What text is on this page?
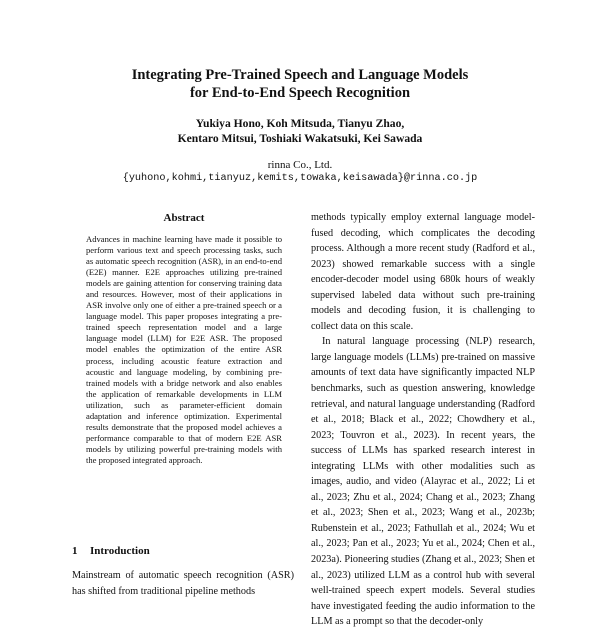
Integrating Pre-Trained Speech and Language Models
for End-to-End Speech Recognition
Yukiya Hono, Koh Mitsuda, Tianyu Zhao,
Kentaro Mitsui, Toshiaki Wakatsuki, Kei Sawada
rinna Co., Ltd.
{yuhono,kohmi,tianyuz,kemits,towaka,keisawada}@rinna.co.jp
Abstract
Advances in machine learning have made it possible to perform various text and speech processing tasks, such as automatic speech recognition (ASR), in an end-to-end (E2E) manner. E2E approaches utilizing pre-trained models are gaining attention for conserving training data and resources. However, most of their applications in ASR involve only one of either a pre-trained speech or a language model. This paper proposes integrating a pre-trained speech representation model and a large language model (LLM) for E2E ASR. The proposed model enables the optimization of the entire ASR process, including acoustic feature extraction and acoustic and language modeling, by combining pre-trained models with a bridge network and also enables the application of remarkable developments in LLM utilization, such as parameter-efficient domain adaptation and inference optimization. Experimental results demonstrate that the proposed model achieves a performance comparable to that of modern E2E ASR models by utilizing powerful pre-training models with the proposed integrated approach.
1 Introduction
Mainstream of automatic speech recognition (ASR) has shifted from traditional pipeline methods

methods typically employ external language model-fused decoding, which complicates the decoding process. Although a more recent study (Radford et al., 2023) showed remarkable success with a single encoder-decoder model using 680k hours of weakly supervised labeled data without such pre-training models and decoding fusion, it is challenging to collect data on this scale.

In natural language processing (NLP) research, large language models (LLMs) pre-trained on massive amounts of text data have significantly impacted NLP benchmarks, such as question answering, knowledge retrieval, and natural language understanding (Radford et al., 2018; Black et al., 2022; Chowdhery et al., 2023; Touvron et al., 2023). In recent years, the success of LLMs has sparked research interest in integrating LLMs with other modalities such as images, audio, and video (Alayrac et al., 2022; Li et al., 2023; Zhu et al., 2024; Chang et al., 2023; Zhang et al., 2023; Shen et al., 2023; Wang et al., 2023b; Rubenstein et al., 2023; Fathullah et al., 2024; Wu et al., 2023; Pan et al., 2023; Yu et al., 2024; Chen et al., 2023a). Pioneering studies (Zhang et al., 2023; Shen et al., 2023) utilized LLM as a control hub with several well-trained speech expert models. Several studies have investigated feeding the audio information to the LLM as a prompt so that the decoder-only
